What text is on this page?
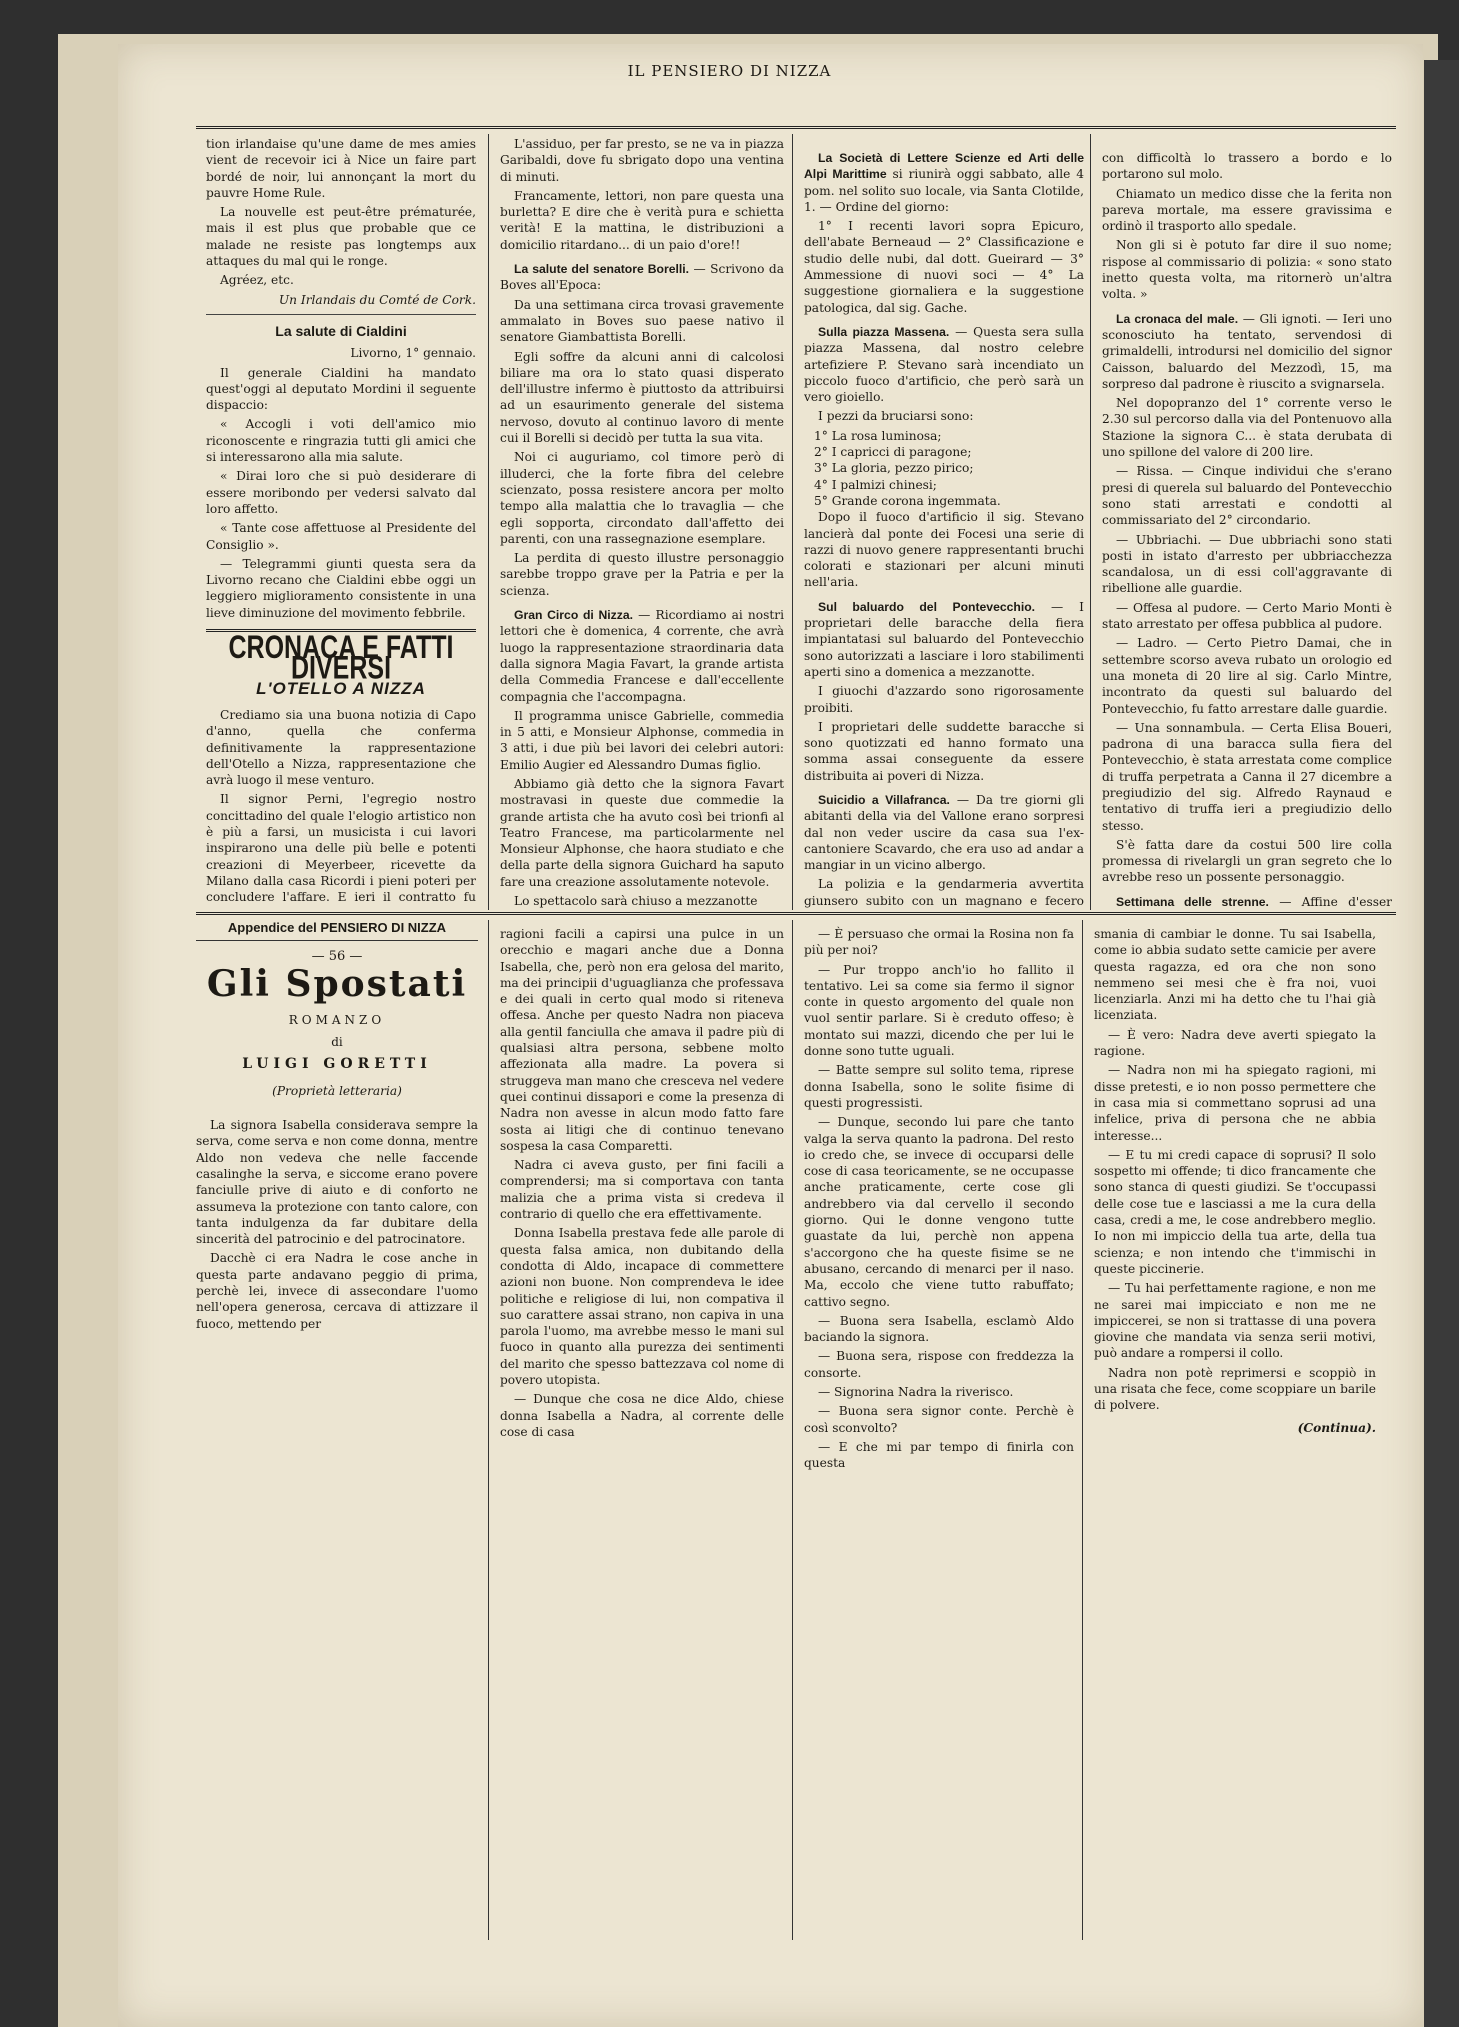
IL PENSIERO DI NIZZA

tion irlandaise qu'une dame de mes amies vient de recevoir ici à Nice un faire part bordé de noir, lui annonçant la mort du pauvre Home Rule.

La nouvelle est peut-être prématurée, mais il est plus que probable que ce malade ne resiste pas longtemps aux attaques du mal qui le ronge.

Agréez, etc.

Un Irlandais du Comté de Cork.

La salute di Cialdini

Livorno, 1° gennaio.

Il generale Cialdini ha mandato quest'oggi al deputato Mordini il seguente dispaccio:

« Accogli i voti dell'amico mio riconoscente e ringrazia tutti gli amici che si interessarono alla mia salute.

« Dirai loro che si può desiderare di essere moribondo per vedersi salvato dal loro affetto.

« Tante cose affettuose al Presidente del Consiglio ».

— Telegrammi giunti questa sera da Livorno recano che Cialdini ebbe oggi un leggiero miglioramento consistente in una lieve diminuzione del movimento febbrile.

CRONACA E FATTI DIVERSI
L'OTELLO A NIZZA

Crediamo sia una buona notizia di Capo d'anno, quella che conferma definitivamente la rappresentazione dell'Otello a Nizza, rappresentazione che avrà luogo il mese venturo.

Il signor Perni, l'egregio nostro concittadino del quale l'elogio artistico non è più a farsi, un musicista i cui lavori inspirarono una delle più belle e potenti creazioni di Meyerbeer, ricevette da Milano dalla casa Ricordi i pieni poteri per concludere l'affare. E ieri il contratto fu

L'assiduo, per far presto, se ne va in piazza Garibaldi, dove fu sbrigato dopo una ventina di minuti.

Francamente, lettori, non pare questa una burletta? E dire che è verità pura e schietta verità! E la mattina, le distribuzioni a domicilio ritardano... di un paio d'ore!!

La salute del senatore Borelli. — Scrivono da Boves all'Epoca:

Da una settimana circa trovasi gravemente ammalato in Boves suo paese nativo il senatore Giambattista Borelli.

Egli soffre da alcuni anni di calcolosi biliare ma ora lo stato quasi disperato dell'illustre infermo è piuttosto da attribuirsi ad un esaurimento generale del sistema nervoso, dovuto al continuo lavoro di mente cui il Borelli si decidò per tutta la sua vita.

Noi ci auguriamo, col timore però di illuderci, che la forte fibra del celebre scienzato, possa resistere ancora per molto tempo alla malattia che lo travaglia — che egli sopporta, circondato dall'affetto dei parenti, con una rassegnazione esemplare.

La perdita di questo illustre personaggio sarebbe troppo grave per la Patria e per la scienza.

Gran Circo di Nizza. — Ricordiamo ai nostri lettori che è domenica, 4 corrente, che avrà luogo la rappresentazione straordinaria data dalla signora Magia Favart, la grande artista della Commedia Francese e dall'eccellente compagnia che l'accompagna.

Il programma unisce Gabrielle, commedia in 5 atti, e Monsieur Alphonse, commedia in 3 atti, i due più bei lavori dei celebri autori: Emilio Augier ed Alessandro Dumas figlio.

Abbiamo già detto che la signora Favart mostravasi in queste due commedie la grande artista che ha avuto così bei trionfi al Teatro Francese, ma particolarmente nel Monsieur Alphonse, che haora studiato e che della parte della signora Guichard ha saputo fare una creazione assolutamente notevole.

Lo spettacolo sarà chiuso a mezzanotte

La Società di Lettere Scienze ed Arti delle Alpi Marittime si riunirà oggi sabbato, alle 4 pom. nel solito suo locale, via Santa Clotilde, 1. — Ordine del giorno:

1° I recenti lavori sopra Epicuro, dell'abate Berneaud — 2° Classificazione e studio delle nubi, dal dott. Gueirard — 3° Ammessione di nuovi soci — 4° La suggestione giornaliera e la suggestione patologica, dal sig. Gache.

Sulla piazza Massena. — Questa sera sulla piazza Massena, dal nostro celebre artefiziere P. Stevano sarà incendiato un piccolo fuoco d'artificio, che però sarà un vero gioiello.

I pezzi da bruciarsi sono:

1° La rosa luminosa;
2° I capricci di paragone;
3° La gloria, pezzo pirico;
4° I palmizi chinesi;
5° Grande corona ingemmata.

Dopo il fuoco d'artificio il sig. Stevano lancierà dal ponte dei Focesi una serie di razzi di nuovo genere rappresentanti bruchi colorati e stazionari per alcuni minuti nell'aria.

Sul baluardo del Pontevecchio. — I proprietari delle baracche della fiera impiantatasi sul baluardo del Pontevecchio sono autorizzati a lasciare i loro stabilimenti aperti sino a domenica a mezzanotte.

I giuochi d'azzardo sono rigorosamente proibiti.

I proprietari delle suddette baracche si sono quotizzati ed hanno formato una somma assai conseguente da essere distribuita ai poveri di Nizza.

Suicidio a Villafranca. — Da tre giorni gli abitanti della via del Vallone erano sorpresi dal non veder uscire da casa sua l'ex-cantoniere Scavardo, che era uso ad andar a mangiar in un vicino albergo.

La polizia e la gendarmeria avvertita giunsero subito con un magnano e fecero

con difficoltà lo trassero a bordo e lo portarono sul molo.

Chiamato un medico disse che la ferita non pareva mortale, ma essere gravissima e ordinò il trasporto allo spedale.

Non gli si è potuto far dire il suo nome; rispose al commissario di polizia: « sono stato inetto questa volta, ma ritornerò un'altra volta. »

La cronaca del male. — Gli ignoti. — Ieri uno sconosciuto ha tentato, servendosi di grimaldelli, introdursi nel domicilio del signor Caisson, baluardo del Mezzodì, 15, ma sorpreso dal padrone è riuscito a svignarsela.

Nel dopopranzo del 1° corrente verso le 2.30 sul percorso dalla via del Pontenuovo alla Stazione la signora C... è stata derubata di uno spillone del valore di 200 lire.

— Rissa. — Cinque individui che s'erano presi di querela sul baluardo del Pontevecchio sono stati arrestati e condotti al commissariato del 2° circondario.

— Ubbriachi. — Due ubbriachi sono stati posti in istato d'arresto per ubbriacchezza scandalosa, un di essi coll'aggravante di ribellione alle guardie.

— Offesa al pudore. — Certo Mario Monti è stato arrestato per offesa pubblica al pudore.

— Ladro. — Certo Pietro Damai, che in settembre scorso aveva rubato un orologio ed una moneta di 20 lire al sig. Carlo Mintre, incontrato da questi sul baluardo del Pontevecchio, fu fatto arrestare dalle guardie.

— Una sonnambula. — Certa Elisa Boueri, padrona di una baracca sulla fiera del Pontevecchio, è stata arrestata come complice di truffa perpetrata a Canna il 27 dicembre a pregiudizio del sig. Alfredo Raynaud e tentativo di truffa ieri a pregiudizio dello stesso.

S'è fatta dare da costui 500 lire colla promessa di rivelargli un gran segreto che lo avrebbe reso un possente personaggio.

Settimana delle strenne. — Affine d'esser

Appendice del PENSIERO DI NIZZA
— 56 —
Gli Spostati
ROMANZO
di
LUIGI GORETTI
(Proprietà letteraria)

La signora Isabella considerava sempre la serva, come serva e non come donna, mentre Aldo non vedeva che nelle faccende casalinghe la serva, e siccome erano povere fanciulle prive di aiuto e di conforto ne assumeva la protezione con tanto calore, con tanta indulgenza da far dubitare della sincerità del patrocinio e del patrocinatore.

Dacchè ci era Nadra le cose anche in questa parte andavano peggio di prima, perchè lei, invece di assecondare l'uomo nell'opera generosa, cercava di attizzare il fuoco, mettendo per

ragioni facili a capirsi una pulce in un orecchio e magari anche due a Donna Isabella, che, però non era gelosa del marito, ma dei principii d'uguaglianza che professava e dei quali in certo qual modo si riteneva offesa. Anche per questo Nadra non piaceva alla gentil fanciulla che amava il padre più di qualsiasi altra persona, sebbene molto affezionata alla madre. La povera si struggeva man mano che cresceva nel vedere quei continui dissapori e come la presenza di Nadra non avesse in alcun modo fatto fare sosta ai litigi che di continuo tenevano sospesa la casa Comparetti.

Nadra ci aveva gusto, per fini facili a comprendersi; ma si comportava con tanta malizia che a prima vista si credeva il contrario di quello che era effettivamente.

Donna Isabella prestava fede alle parole di questa falsa amica, non dubitando della condotta di Aldo, incapace di commettere azioni non buone. Non comprendeva le idee politiche e religiose di lui, non compativa il suo carattere assai strano, non capiva in una parola l'uomo, ma avrebbe messo le mani sul fuoco in quanto alla purezza dei sentimenti del marito che spesso battezzava col nome di povero utopista.

— Dunque che cosa ne dice Aldo, chiese donna Isabella a Nadra, al corrente delle cose di casa

— È persuaso che ormai la Rosina non fa più per noi?

— Pur troppo anch'io ho fallito il tentativo. Lei sa come sia fermo il signor conte in questo argomento del quale non vuol sentir parlare. Si è creduto offeso; è montato sui mazzi, dicendo che per lui le donne sono tutte uguali.

— Batte sempre sul solito tema, riprese donna Isabella, sono le solite fisime di questi progressisti.

— Dunque, secondo lui pare che tanto valga la serva quanto la padrona. Del resto io credo che, se invece di occuparsi delle cose di casa teoricamente, se ne occupasse anche praticamente, certe cose gli andrebbero via dal cervello il secondo giorno. Qui le donne vengono tutte guastate da lui, perchè non appena s'accorgono che ha queste fisime se ne abusano, cercando di menarci per il naso. Ma, eccolo che viene tutto rabuffato; cattivo segno.

— Buona sera Isabella, esclamò Aldo baciando la signora.

— Buona sera, rispose con freddezza la consorte.

— Signorina Nadra la riverisco.

— Buona sera signor conte. Perchè è così sconvolto?

— E che mi par tempo di finirla con questa

smania di cambiar le donne. Tu sai Isabella, come io abbia sudato sette camicie per avere questa ragazza, ed ora che non sono nemmeno sei mesi che è fra noi, vuoi licenziarla. Anzi mi ha detto che tu l'hai già licenziata.

— È vero: Nadra deve averti spiegato la ragione.

— Nadra non mi ha spiegato ragioni, mi disse pretesti, e io non posso permettere che in casa mia si commettano soprusi ad una infelice, priva di persona che ne abbia interesse...

— E tu mi credi capace di soprusi? Il solo sospetto mi offende; ti dico francamente che sono stanca di questi giudizi. Se t'occupassi delle cose tue e lasciassi a me la cura della casa, credi a me, le cose andrebbero meglio. Io non mi impiccio della tua arte, della tua scienza; e non intendo che t'immischi in queste piccinerie.

— Tu hai perfettamente ragione, e non me ne sarei mai impicciato e non me ne impiccerei, se non si trattasse di una povera giovine che mandata via senza serii motivi, può andare a rompersi il collo.

Nadra non potè reprimersi e scoppiò in una risata che fece, come scoppiare un barile di polvere.

(Continua).
